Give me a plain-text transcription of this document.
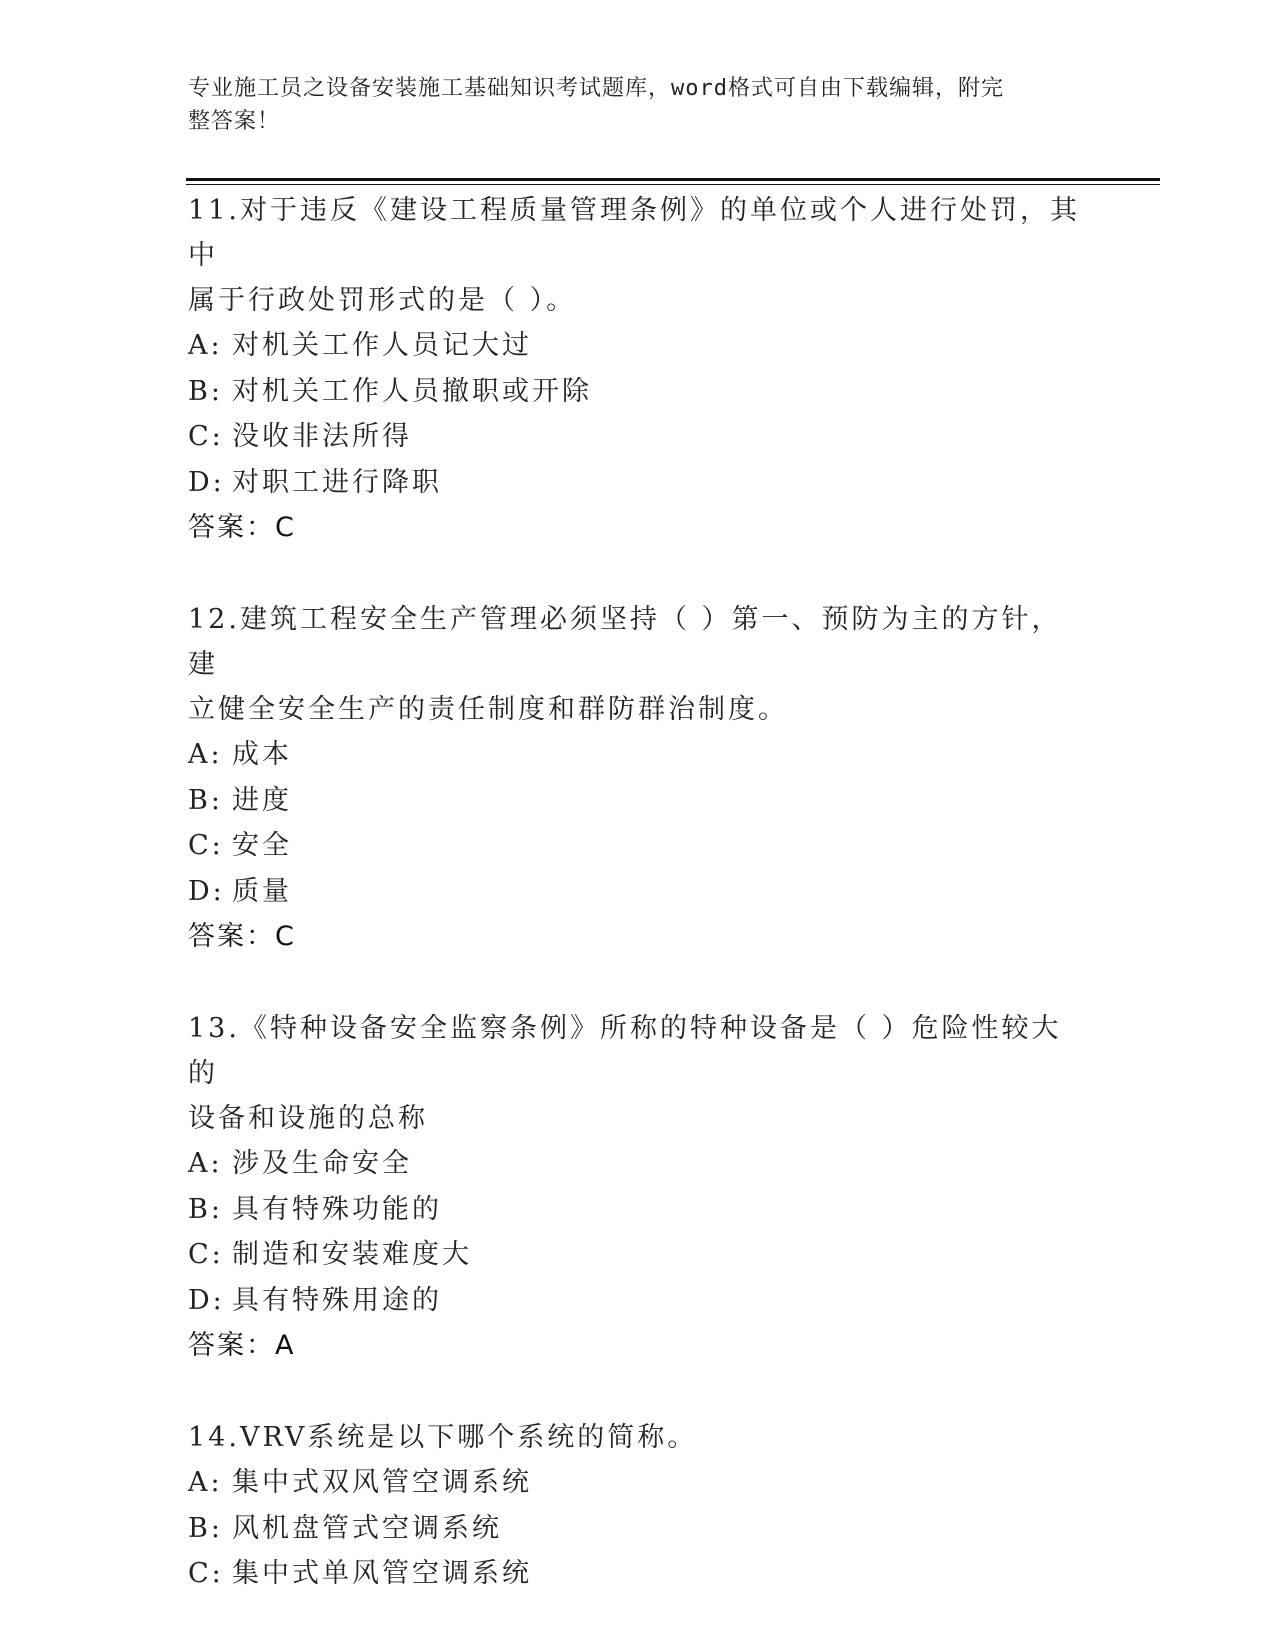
专业施工员之设备安装施工基础知识考试题库，word格式可自由下载编辑，附完
整答案！

11.对于违反《建设工程质量管理条例》的单位或个人进行处罚，其中

属于行政处罚形式的是（ ）。

A: 对机关工作人员记大过

B: 对机关工作人员撤职或开除

C: 没收非法所得

D: 对职工进行降职

答案：C

12.建筑工程安全生产管理必须坚持（ ）第一、预防为主的方针，建

立健全安全生产的责任制度和群防群治制度。

A: 成本

B: 进度

C: 安全

D: 质量

答案：C

13.《特种设备安全监察条例》所称的特种设备是（ ）危险性较大的

设备和设施的总称

A: 涉及生命安全

B: 具有特殊功能的

C: 制造和安装难度大

D: 具有特殊用途的

答案：A

14.VRV系统是以下哪个系统的简称。

A: 集中式双风管空调系统

B: 风机盘管式空调系统

C: 集中式单风管空调系统
